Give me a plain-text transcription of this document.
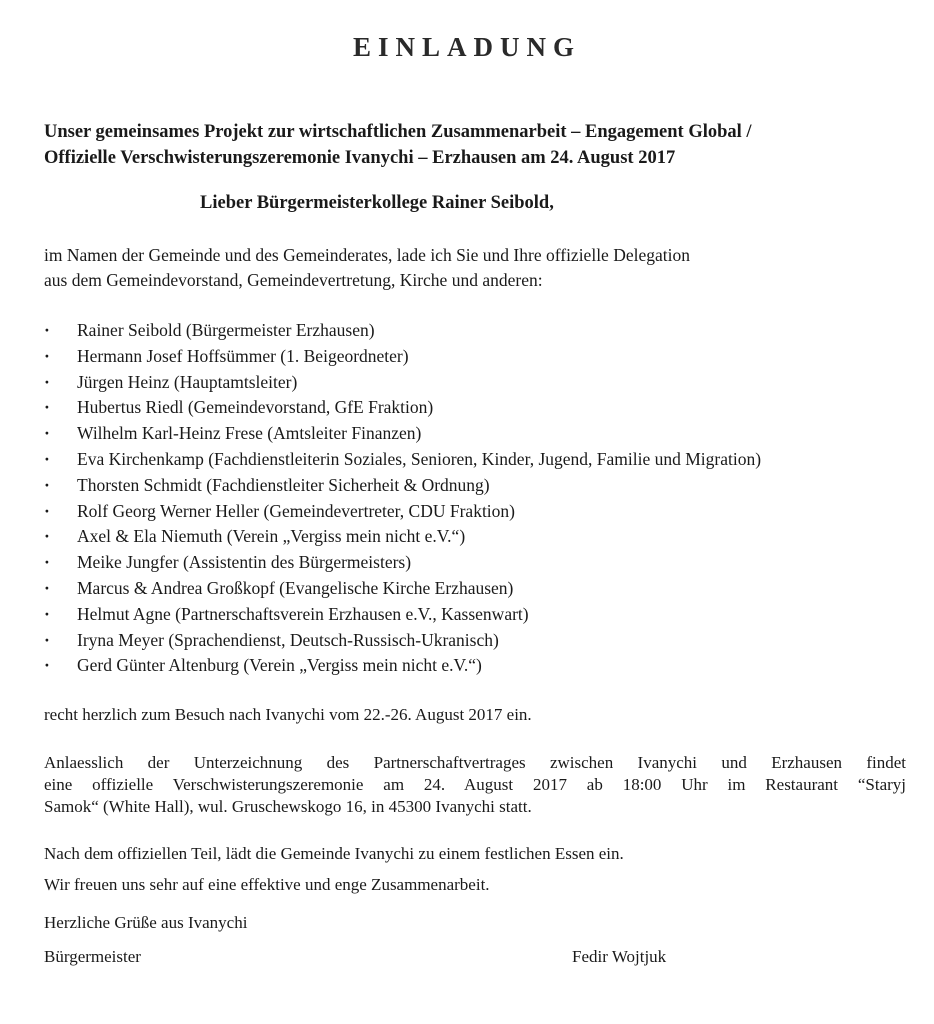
EINLADUNG
Unser gemeinsames Projekt zur wirtschaftlichen Zusammenarbeit – Engagement Global /
Offizielle Verschwisterungszeremonie Ivanychi – Erzhausen am 24. August 2017
Lieber Bürgermeisterkollege Rainer Seibold,
im Namen der Gemeinde und des Gemeinderates, lade ich Sie und Ihre offizielle Delegation
aus dem Gemeindevorstand, Gemeindevertretung, Kirche und anderen:
· Rainer Seibold (Bürgermeister Erzhausen)
· Hermann Josef Hoffsümmer (1. Beigeordneter)
· Jürgen Heinz (Hauptamtsleiter)
· Hubertus Riedl (Gemeindevorstand, GfE Fraktion)
· Wilhelm Karl-Heinz Frese (Amtsleiter Finanzen)
· Eva Kirchenkamp (Fachdienstleiterin Soziales, Senioren, Kinder, Jugend, Familie und Migration)
· Thorsten Schmidt (Fachdienstleiter Sicherheit & Ordnung)
· Rolf Georg Werner Heller (Gemeindevertreter, CDU Fraktion)
· Axel & Ela Niemuth (Verein „Vergiss mein nicht e.V.“)
· Meike Jungfer (Assistentin des Bürgermeisters)
· Marcus & Andrea Großkopf (Evangelische Kirche Erzhausen)
· Helmut Agne (Partnerschaftsverein Erzhausen e.V., Kassenwart)
· Iryna Meyer (Sprachendienst, Deutsch-Russisch-Ukranisch)
· Gerd Günter Altenburg (Verein „Vergiss mein nicht e.V.“)
recht herzlich zum Besuch nach Ivanychi vom 22.-26. August 2017 ein.
Anlaesslich der Unterzeichnung des Partnerschaftvertrages zwischen Ivanychi und Erzhausen findet
eine offizielle Verschwisterungszeremonie am 24. August 2017 ab 18:00 Uhr im Restaurant “Staryj
Samok“ (White Hall), wul. Gruschewskogo 16, in 45300 Ivanychi statt.
Nach dem offiziellen Teil, lädt die Gemeinde Ivanychi zu einem festlichen Essen ein.
Wir freuen uns sehr auf eine effektive und enge Zusammenarbeit.
Herzliche Grüße aus Ivanychi
Bürgermeister	Fedir Wojtjuk
